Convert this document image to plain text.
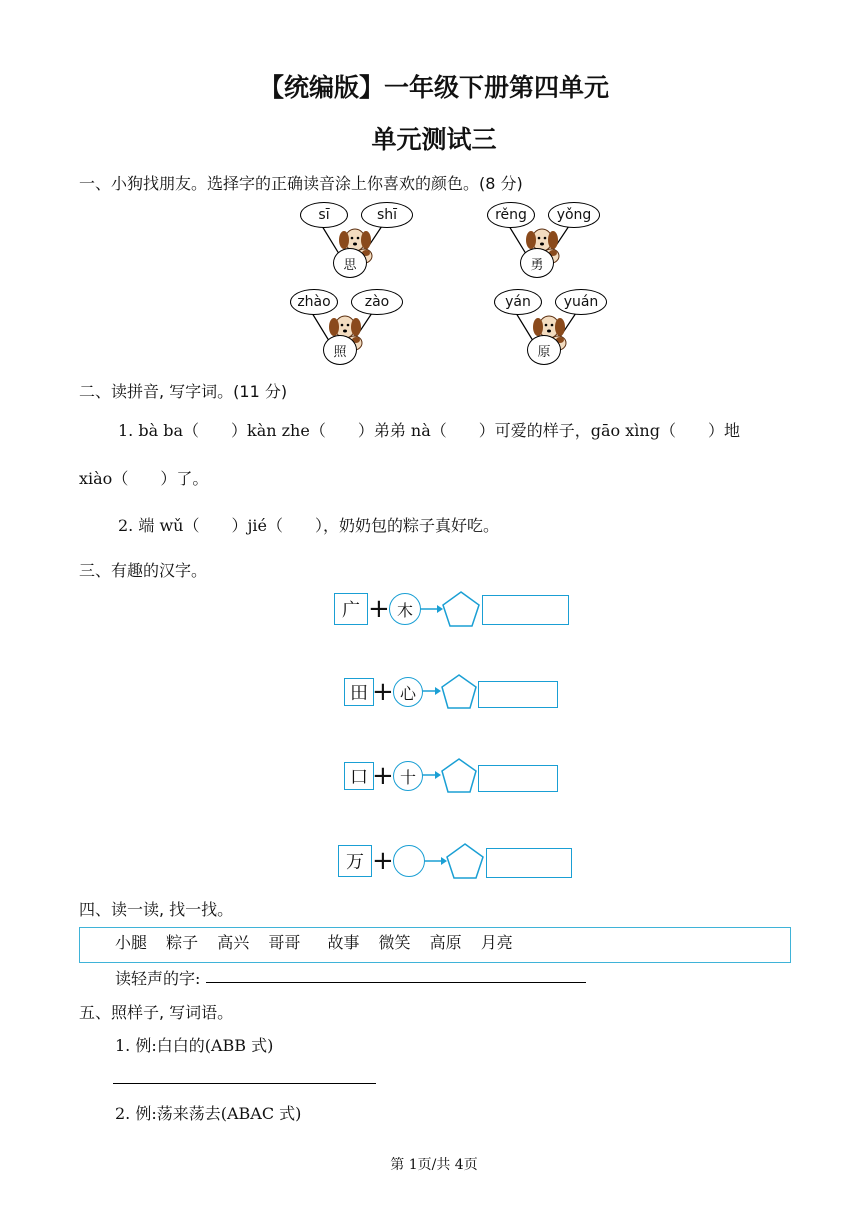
【统编版】一年级下册第四单元
单元测试三
一、小狗找朋友。选择字的正确读音涂上你喜欢的颜色。(8 分)
sī	shī
思
rěng	yǒng
勇
zhào	zào
照
yán	yuán
原
二、读拼音, 写字词。(11 分)
1. bà ba（　　）kàn zhe（　　）弟弟 nà（　　）可爱的样子，gāo xìng（　　）地
xiào（　　）了。
2. 端 wǔ（　　）jié（　　），奶奶包的粽子真好吃。
三、有趣的汉字。
广 + 木
田 + 心
口 + 十
万 +
四、读一读, 找一找。
小腿 粽子 高兴 哥哥 故事 微笑 高原 月亮
读轻声的字:
五、照样子, 写词语。
1. 例:白白的(ABB 式)
2. 例:荡来荡去(ABAC 式)
第 1页/共 4页
